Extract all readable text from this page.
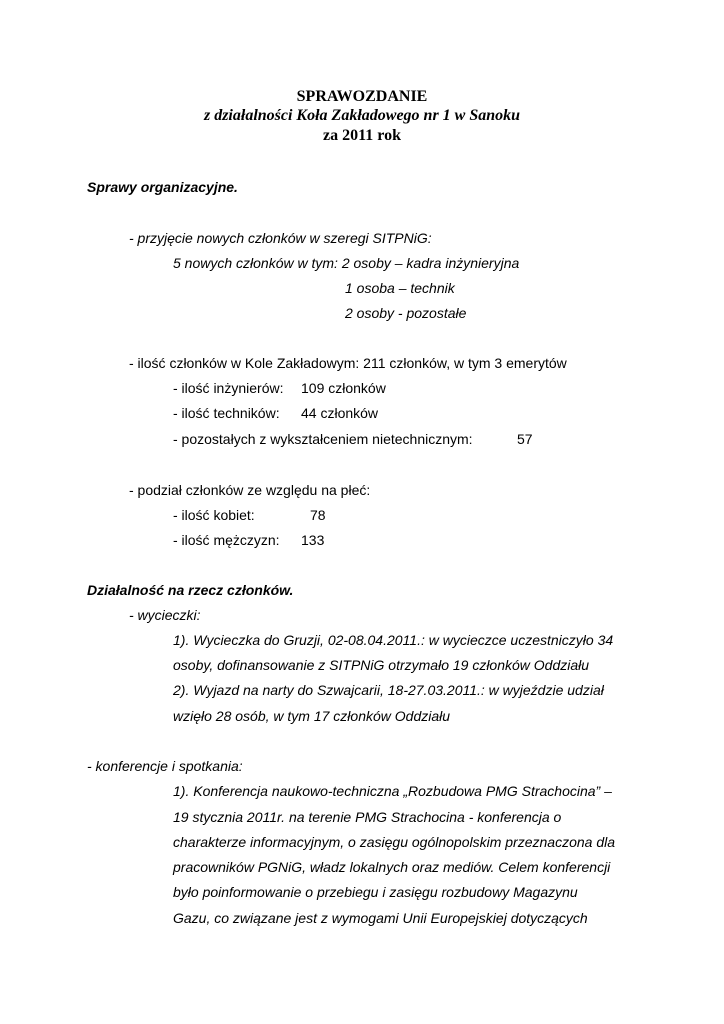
SPRAWOZDANIE
z działalności Koła Zakładowego nr 1 w Sanoku
za 2011 rok
Sprawy organizacyjne.
- przyjęcie nowych członków w szeregi SITPNiG:
5 nowych członków w tym: 2 osoby – kadra inżynieryjna
1 osoba – technik
2 osoby - pozostałe
- ilość członków w Kole Zakładowym: 211 członków, w tym 3 emerytów
- ilość inżynierów: 109 członków
- ilość techników: 44 członków
- pozostałych z wykształceniem nietechnicznym:	57
- podział członków ze względu na płeć:
- ilość kobiet:	78
- ilość mężczyzn: 133
Działalność na rzecz członków.
- wycieczki:
1). Wycieczka do Gruzji, 02-08.04.2011.: w wycieczce uczestniczyło 34
osoby, dofinansowanie z SITPNiG otrzymało 19 członków Oddziału
2). Wyjazd na narty do Szwajcarii, 18-27.03.2011.: w wyjeździe udział
wzięło 28 osób, w tym 17 członków Oddziału
- konferencje i spotkania:
1). Konferencja naukowo-techniczna „Rozbudowa PMG Strachocina” –
19 stycznia 2011r. na terenie PMG Strachocina - konferencja o
charakterze informacyjnym, o zasięgu ogólnopolskim przeznaczona dla
pracowników PGNiG, władz lokalnych oraz mediów. Celem konferencji
było poinformowanie o przebiegu i zasięgu rozbudowy Magazynu
Gazu, co związane jest z wymogami Unii Europejskiej dotyczących
